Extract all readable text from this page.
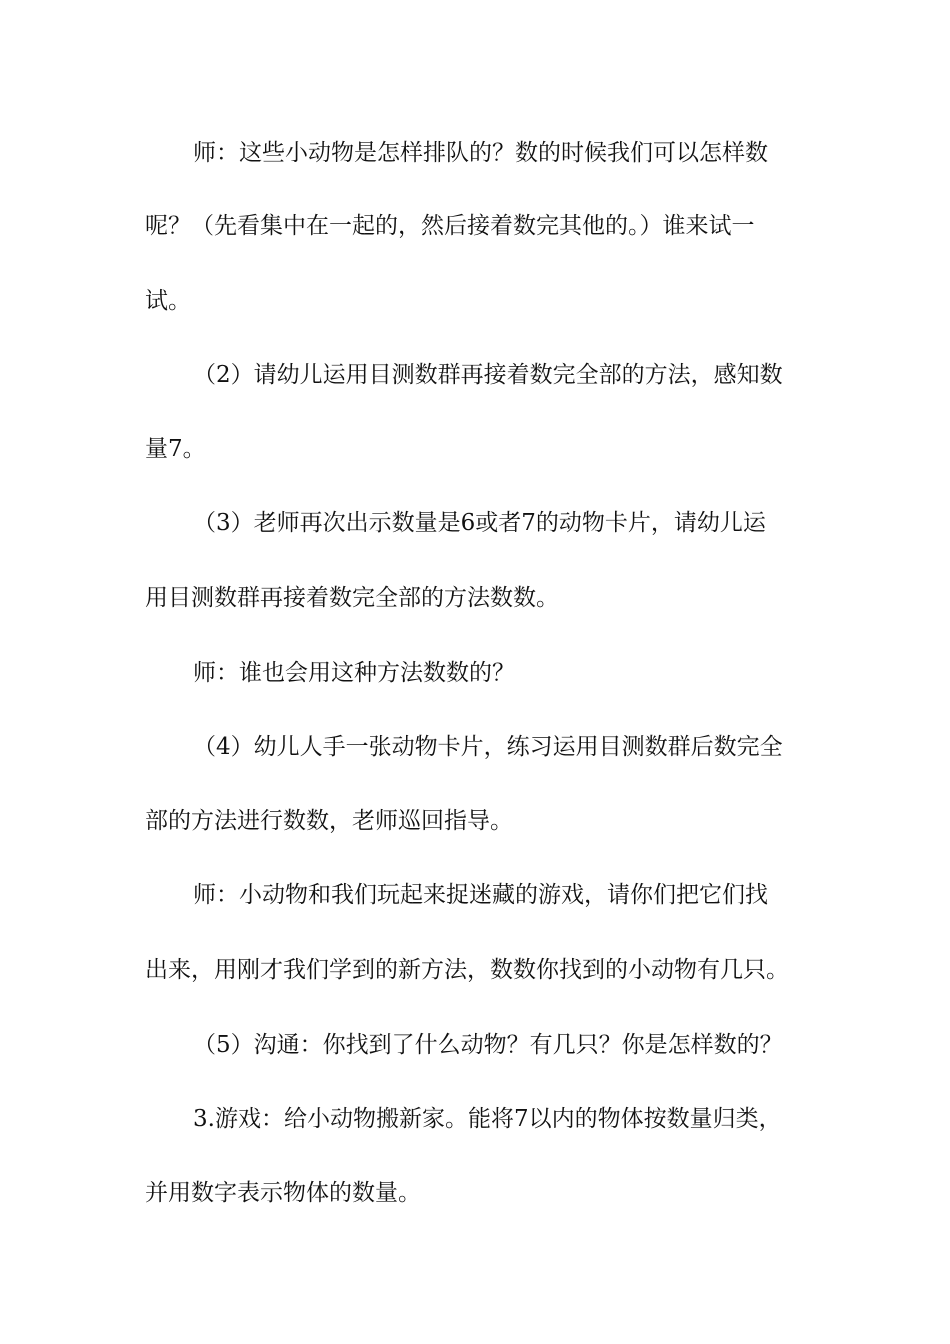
师：这些小动物是怎样排队的？数的时候我们可以怎样数
呢？（先看集中在一起的，然后接着数完其他的。）谁来试一
试。
（2）请幼儿运用目测数群再接着数完全部的方法，感知数
量7。
（3）老师再次出示数量是6或者7的动物卡片，请幼儿运
用目测数群再接着数完全部的方法数数。
师：谁也会用这种方法数数的？
（4）幼儿人手一张动物卡片，练习运用目测数群后数完全
部的方法进行数数，老师巡回指导。
师：小动物和我们玩起来捉迷藏的游戏，请你们把它们找
出来，用刚才我们学到的新方法，数数你找到的小动物有几只。
（5）沟通：你找到了什么动物？有几只？你是怎样数的？
3.游戏：给小动物搬新家。能将7以内的物体按数量归类，
并用数字表示物体的数量。
